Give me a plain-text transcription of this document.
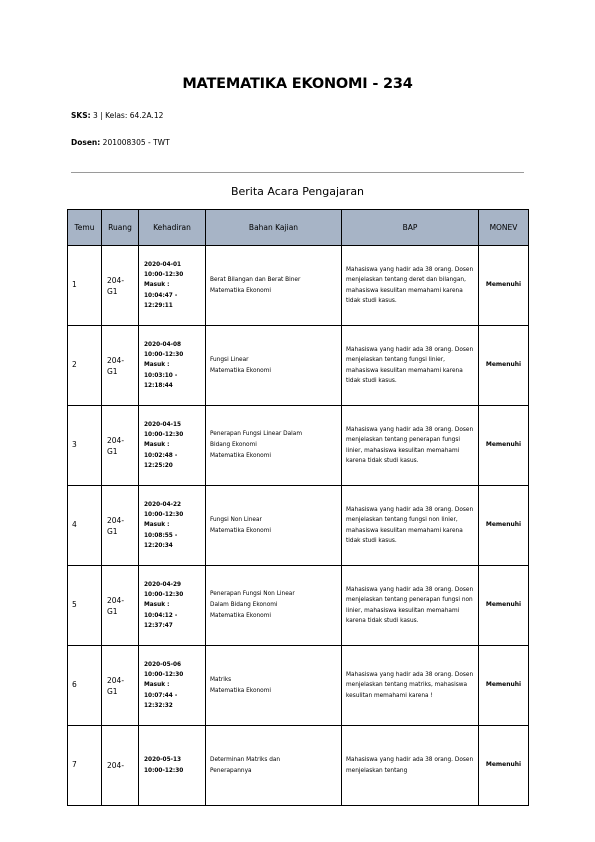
MATEMATIKA EKONOMI - 234
SKS: 3 | Kelas: 64.2A.12
Dosen: 201008305 - TWT
Berita Acara Pengajaran
Temu	Ruang	Kehadiran	Bahan Kajian	BAP	MONEV
1	204-
G1	2020-04-01
10:00-12:30
Masuk :
10:04:47 -
12:29:11	Berat Bilangan dan Berat Biner
Matematika Ekonomi	Mahasiswa yang hadir ada 38 orang. Dosen menjelaskan tentang deret dan bilangan, mahasiswa kesulitan memahami karena tidak studi kasus.	Memenuhi
2	204-
G1	2020-04-08
10:00-12:30
Masuk :
10:03:10 -
12:18:44	Fungsi Linear
Matematika Ekonomi	Mahasiswa yang hadir ada 38 orang. Dosen menjelaskan tentang fungsi linier, mahasiswa kesulitan memahami karena tidak studi kasus.	Memenuhi
3	204-
G1	2020-04-15
10:00-12:30
Masuk :
10:02:48 -
12:25:20	Penerapan Fungsi Linear Dalam
Bidang Ekonomi
Matematika Ekonomi	Mahasiswa yang hadir ada 38 orang. Dosen menjelaskan tentang penerapan fungsi linier, mahasiswa kesulitan memahami karena tidak studi kasus.	Memenuhi
4	204-
G1	2020-04-22
10:00-12:30
Masuk :
10:08:55 -
12:20:34	Fungsi Non Linear
Matematika Ekonomi	Mahasiswa yang hadir ada 38 orang. Dosen menjelaskan tentang fungsi non linier, mahasiswa kesulitan memahami karena tidak studi kasus.	Memenuhi
5	204-
G1	2020-04-29
10:00-12:30
Masuk :
10:04:12 -
12:37:47	Penerapan Fungsi Non Linear
Dalam Bidang Ekonomi
Matematika Ekonomi	Mahasiswa yang hadir ada 38 orang. Dosen menjelaskan tentang penerapan fungsi non linier, mahasiswa kesulitan memahami karena tidak studi kasus.	Memenuhi
6	204-
G1	2020-05-06
10:00-12:30
Masuk :
10:07:44 -
12:32:32	Matriks
Matematika Ekonomi	Mahasiswa yang hadir ada 38 orang. Dosen menjelaskan tentang matriks, mahasiswa kesulitan memahami karena !	Memenuhi
7	204-	2020-05-13
10:00-12:30	Determinan Matriks dan
Penerapannya	Mahasiswa yang hadir ada 38 orang. Dosen menjelaskan tentang	Memenuhi
